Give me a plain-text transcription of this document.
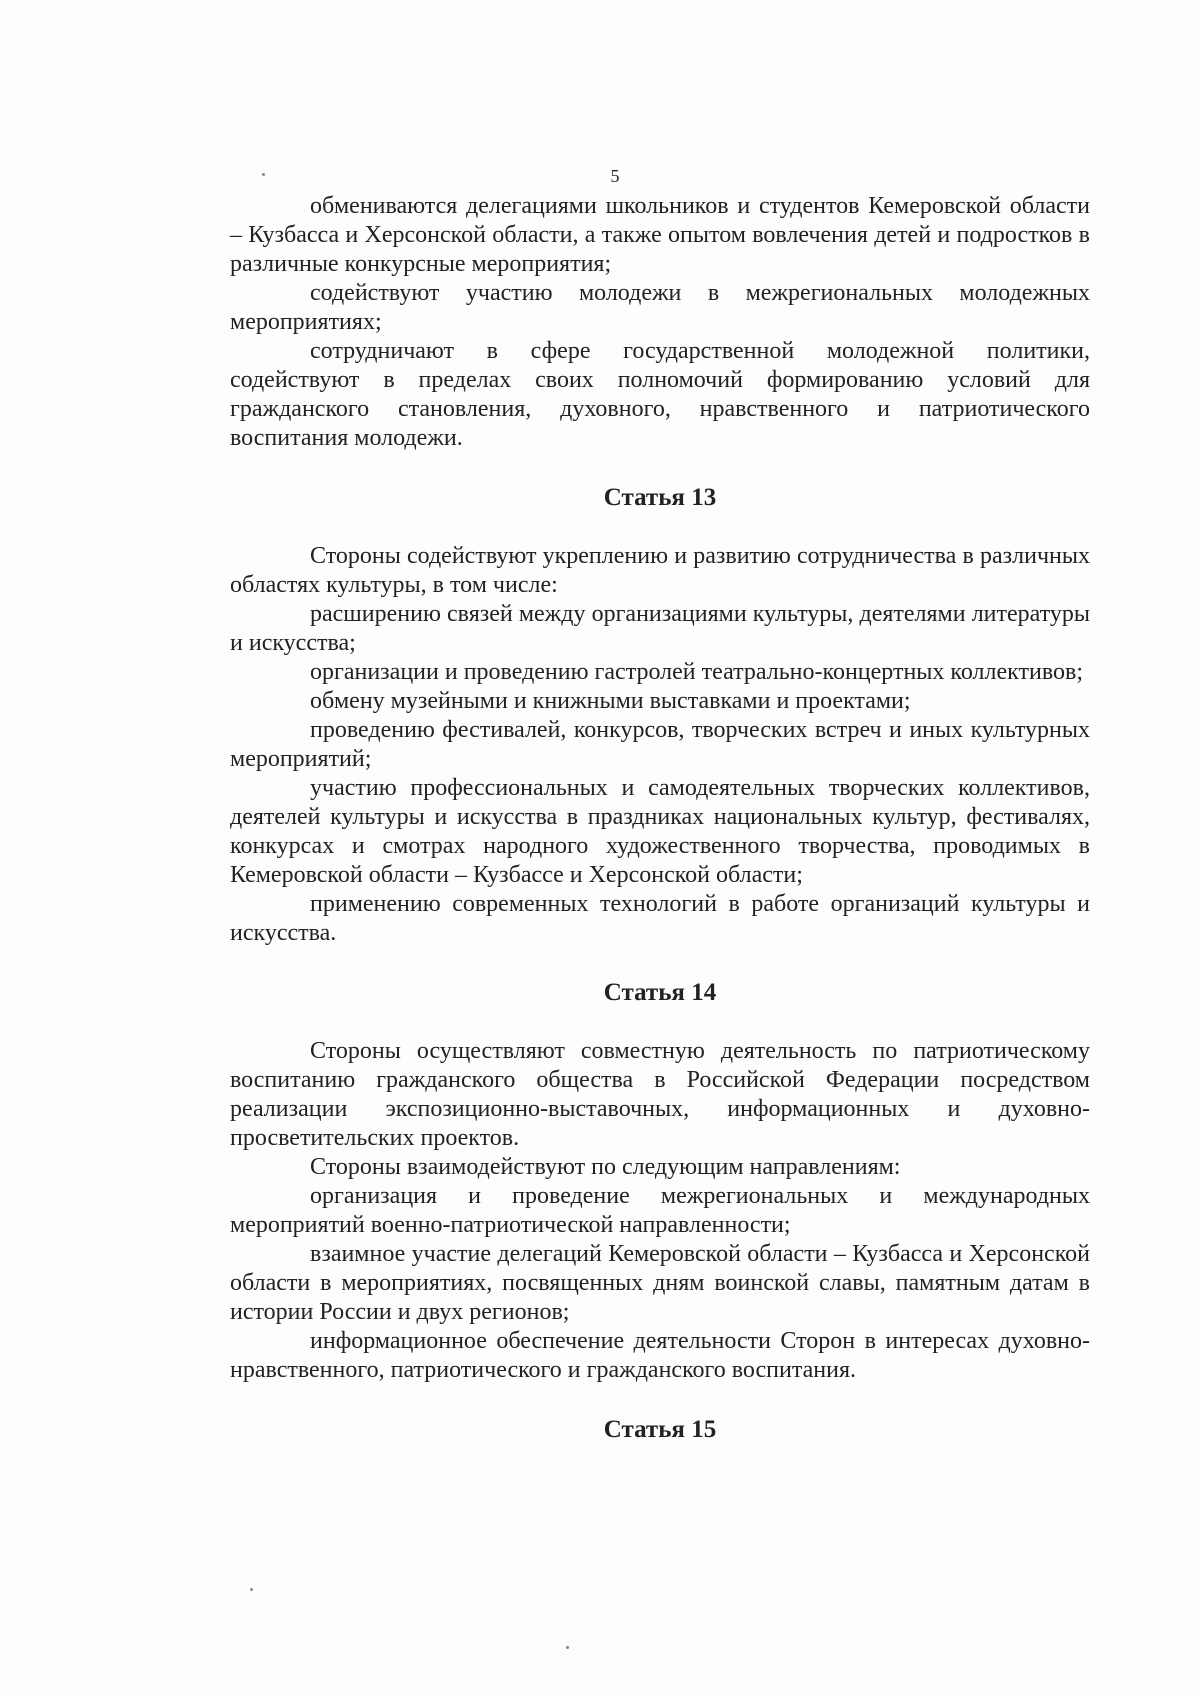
5

обмениваются делегациями школьников и студентов Кемеровской области – Кузбасса и Херсонской области, а также опытом вовлечения детей и подростков в различные конкурсные мероприятия;

содействуют участию молодежи в межрегиональных молодежных мероприятиях;

сотрудничают в сфере государственной молодежной политики, содействуют в пределах своих полномочий формированию условий для гражданского становления, духовного, нравственного и патриотического воспитания молодежи.

Статья 13

Стороны содействуют укреплению и развитию сотрудничества в различных областях культуры, в том числе:

расширению связей между организациями культуры, деятелями литературы и искусства;

организации и проведению гастролей театрально-концертных коллективов;

обмену музейными и книжными выставками и проектами;

проведению фестивалей, конкурсов, творческих встреч и иных культурных мероприятий;

участию профессиональных и самодеятельных творческих коллективов, деятелей культуры и искусства в праздниках национальных культур, фестивалях, конкурсах и смотрах народного художественного творчества, проводимых в Кемеровской области – Кузбассе и Херсонской области;

применению современных технологий в работе организаций культуры и искусства.

Статья 14

Стороны осуществляют совместную деятельность по патриотическому воспитанию гражданского общества в Российской Федерации посредством реализации экспозиционно-выставочных, информационных и духовно-просветительских проектов.

Стороны взаимодействуют по следующим направлениям:

организация и проведение межрегиональных и международных мероприятий военно-патриотической направленности;

взаимное участие делегаций Кемеровской области – Кузбасса и Херсонской области в мероприятиях, посвященных дням воинской славы, памятным датам в истории России и двух регионов;

информационное обеспечение деятельности Сторон в интересах духовно-нравственного, патриотического и гражданского воспитания.

Статья 15
